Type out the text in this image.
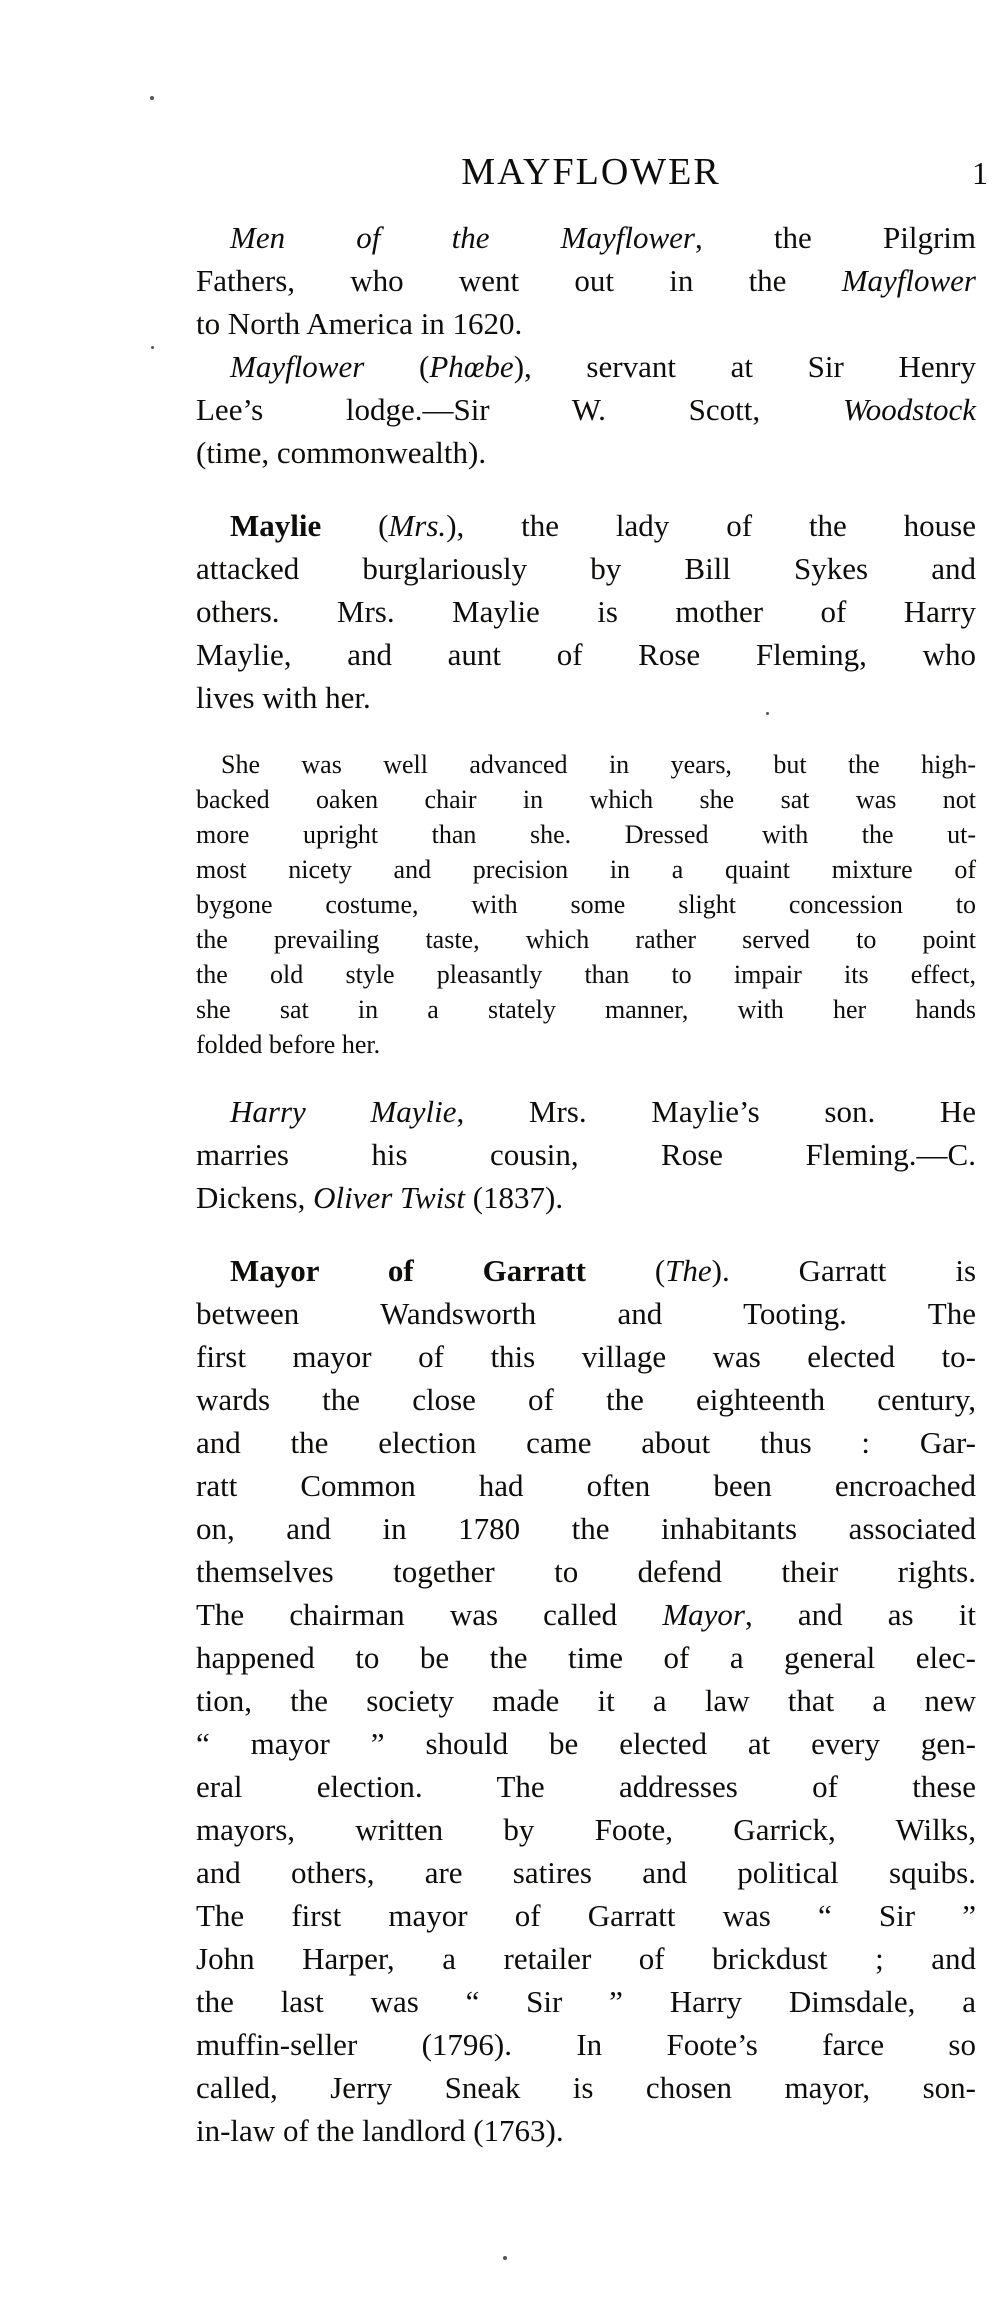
MAYFLOWER	1
Men of the Mayflower, the Pilgrim
Fathers, who went out in the Mayflower
to North America in 1620.
Mayflower (Phœbe), servant at Sir Henry
Lee’s lodge.—Sir W. Scott, Woodstock
(time, commonwealth).
Maylie (Mrs.), the lady of the house
attacked burglariously by Bill Sykes and
others. Mrs. Maylie is mother of Harry
Maylie, and aunt of Rose Fleming, who
lives with her.
She was well advanced in years, but the high-
backed oaken chair in which she sat was not
more upright than she. Dressed with the ut-
most nicety and precision in a quaint mixture of
bygone costume, with some slight concession to
the prevailing taste, which rather served to point
the old style pleasantly than to impair its effect,
she sat in a stately manner, with her hands
folded before her.
Harry Maylie, Mrs. Maylie’s son. He
marries his cousin, Rose Fleming.—C.
Dickens, Oliver Twist (1837).
Mayor of Garratt (The). Garratt is
between Wandsworth and Tooting. The
first mayor of this village was elected to-
wards the close of the eighteenth century,
and the election came about thus : Gar-
ratt Common had often been encroached
on, and in 1780 the inhabitants associated
themselves together to defend their rights.
The chairman was called Mayor, and as it
happened to be the time of a general elec-
tion, the society made it a law that a new
“ mayor ” should be elected at every gen-
eral election. The addresses of these
mayors, written by Foote, Garrick, Wilks,
and others, are satires and political squibs.
The first mayor of Garratt was “ Sir ”
John Harper, a retailer of brickdust ; and
the last was “ Sir ” Harry Dimsdale, a
muffin-seller (1796). In Foote’s farce so
called, Jerry Sneak is chosen mayor, son-
in-law of the landlord (1763).
